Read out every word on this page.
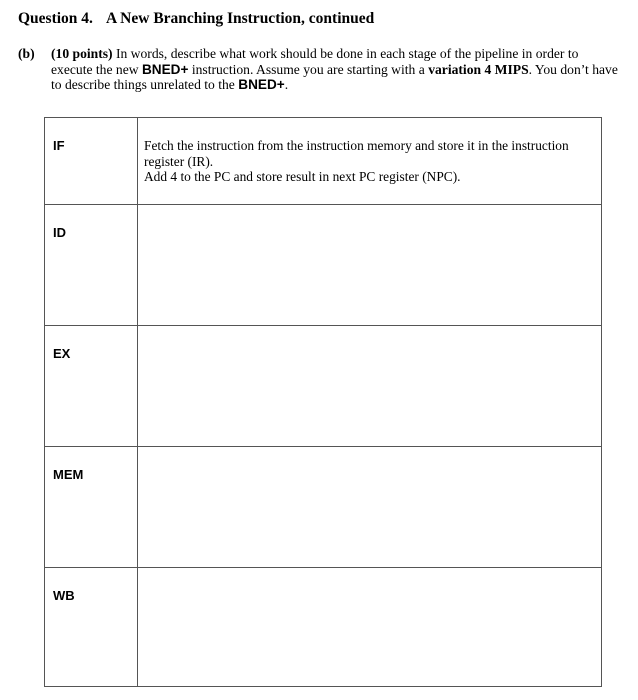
Question 4. A New Branching Instruction, continued
(b) (10 points) In words, describe what work should be done in each stage of the pipeline in order to execute the new BNED+ instruction. Assume you are starting with a variation 4 MIPS. You don’t have to describe things unrelated to the BNED+.
IF	Fetch the instruction from the instruction memory and store it in the instruction register (IR).
Add 4 to the PC and store result in next PC register (NPC).

ID	
EX	
MEM	
WB	
